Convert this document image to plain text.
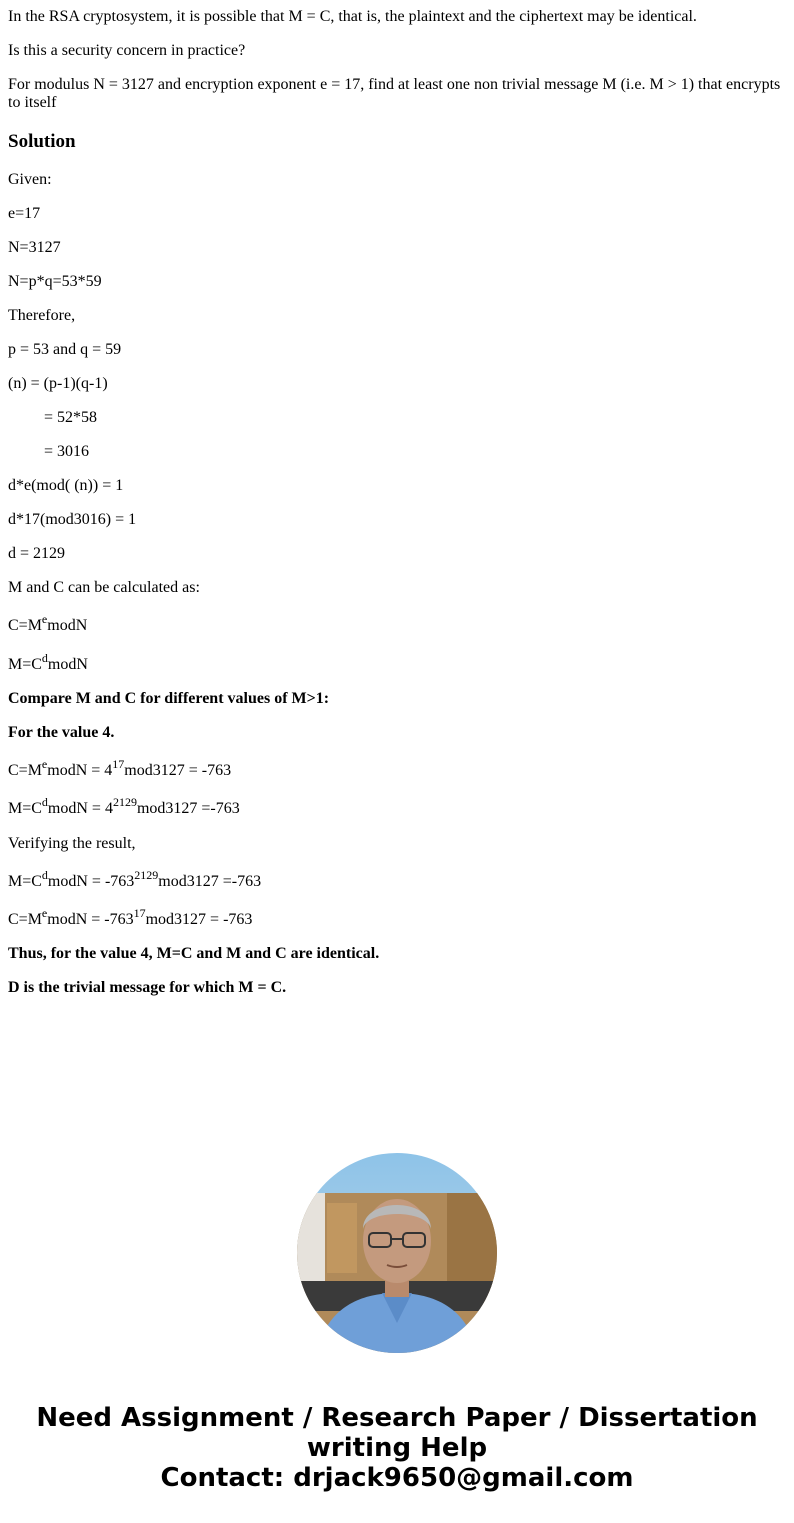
In the RSA cryptosystem, it is possible that M = C, that is, the plaintext and the ciphertext may be identical.

Is this a security concern in practice?

For modulus N = 3127 and encryption exponent e = 17, find at least one non trivial message M (i.e. M > 1) that encrypts to itself

Solution

Given:

e=17

N=3127

N=p*q=53*59

Therefore,

p = 53 and q = 59

(n) = (p-1)(q-1)

= 52*58

= 3016

d*e(mod( (n)) = 1

d*17(mod3016) = 1

d = 2129

M and C can be calculated as:

$C=M^emodN$

$M=C^dmodN$

Compare M and C for different values of M>1:

For the value 4.

$C=M^emodN = 4^{17}mod3127 = -763$

$M=C^dmodN = 4^{2129}mod3127 =-763$

Verifying the result,

$M=C^dmodN = -763^{2129}mod3127 =-763$

$C=M^emodN = -763^{17}mod3127 = -763$

Thus, for the value 4, M=C and M and C are identical.

D is the trivial message for which M = C.

Need Assignment / Research Paper / Dissertation
writing Help
Contact: drjack9650@gmail.com
